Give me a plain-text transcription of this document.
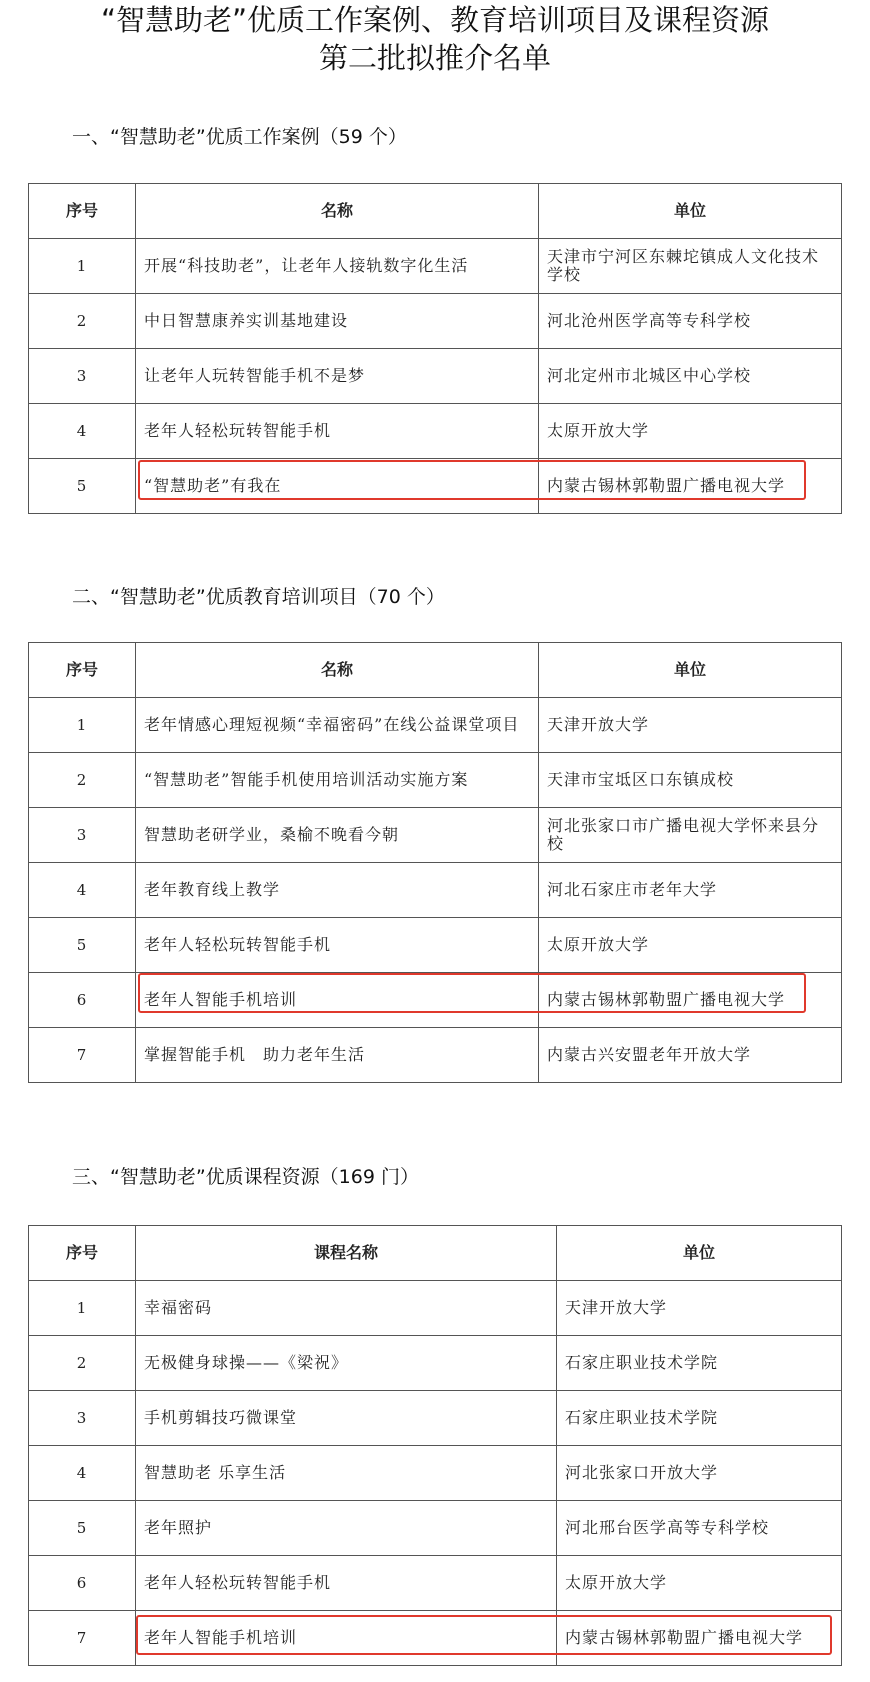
“智慧助老”优质工作案例、教育培训项目及课程资源
第二批拟推介名单
一、“智慧助老”优质工作案例（59 个）
序号	名称	单位
1	开展“科技助老”，让老年人接轨数字化生活	天津市宁河区东棘坨镇成人文化技术学校
2	中日智慧康养实训基地建设	河北沧州医学高等专科学校
3	让老年人玩转智能手机不是梦	河北定州市北城区中心学校
4	老年人轻松玩转智能手机	太原开放大学
5	“智慧助老”有我在	内蒙古锡林郭勒盟广播电视大学
二、“智慧助老”优质教育培训项目（70 个）
序号	名称	单位
1	老年情感心理短视频“幸福密码”在线公益课堂项目	天津开放大学
2	“智慧助老”智能手机使用培训活动实施方案	天津市宝坻区口东镇成校
3	智慧助老研学业，桑榆不晚看今朝	河北张家口市广播电视大学怀来县分校
4	老年教育线上教学	河北石家庄市老年大学
5	老年人轻松玩转智能手机	太原开放大学
6	老年人智能手机培训	内蒙古锡林郭勒盟广播电视大学
7	掌握智能手机　助力老年生活	内蒙古兴安盟老年开放大学
三、“智慧助老”优质课程资源（169 门）
序号	课程名称	单位
1	幸福密码	天津开放大学
2	无极健身球操——《梁祝》	石家庄职业技术学院
3	手机剪辑技巧微课堂	石家庄职业技术学院
4	智慧助老 乐享生活	河北张家口开放大学
5	老年照护	河北邢台医学高等专科学校
6	老年人轻松玩转智能手机	太原开放大学
7	老年人智能手机培训	内蒙古锡林郭勒盟广播电视大学
